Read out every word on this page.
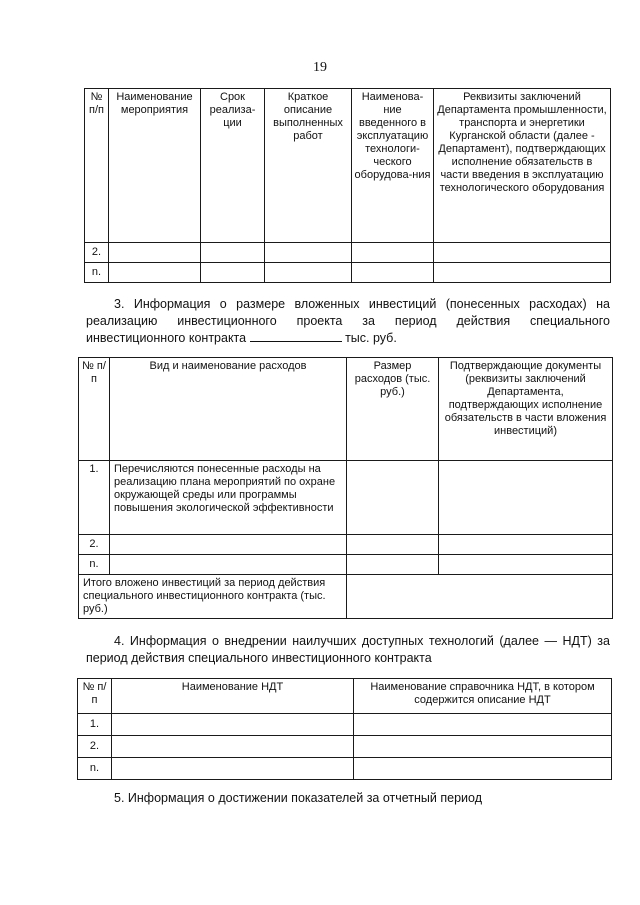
19
№ п/п	Наименование мероприятия	Срок реализа-ции	Краткое описание выполненных работ	Наименова-ние введенного в эксплуатацию технологи-ческого оборудова-ния	Реквизиты заключений Департамента промышленности, транспорта и энергетики Курганской области (далее - Департамент), подтверждающих исполнение обязательств в части введения в эксплуатацию технологического оборудования
2.					
n.					
3. Информация о размере вложенных инвестиций (понесенных расходах) на реализацию инвестиционного проекта за период действия специального инвестиционного контракта	тыс. руб.
№ п/п	Вид и наименование расходов	Размер расходов (тыс. руб.)	Подтверждающие документы (реквизиты заключений Департамента, подтверждающих исполнение обязательств в части вложения инвестиций)
1.	Перечисляются понесенные расходы на реализацию плана мероприятий по охране окружающей среды или программы повышения экологической эффективности		
2.			
n.			
Итого вложено инвестиций за период действия специального инвестиционного контракта (тыс. руб.)			
4. Информация о внедрении наилучших доступных технологий (далее — НДТ) за период действия специального инвестиционного контракта
№ п/п	Наименование НДТ	Наименование справочника НДТ, в котором содержится описание НДТ
1.		
2.		
n.		
5. Информация о достижении показателей за отчетный период
